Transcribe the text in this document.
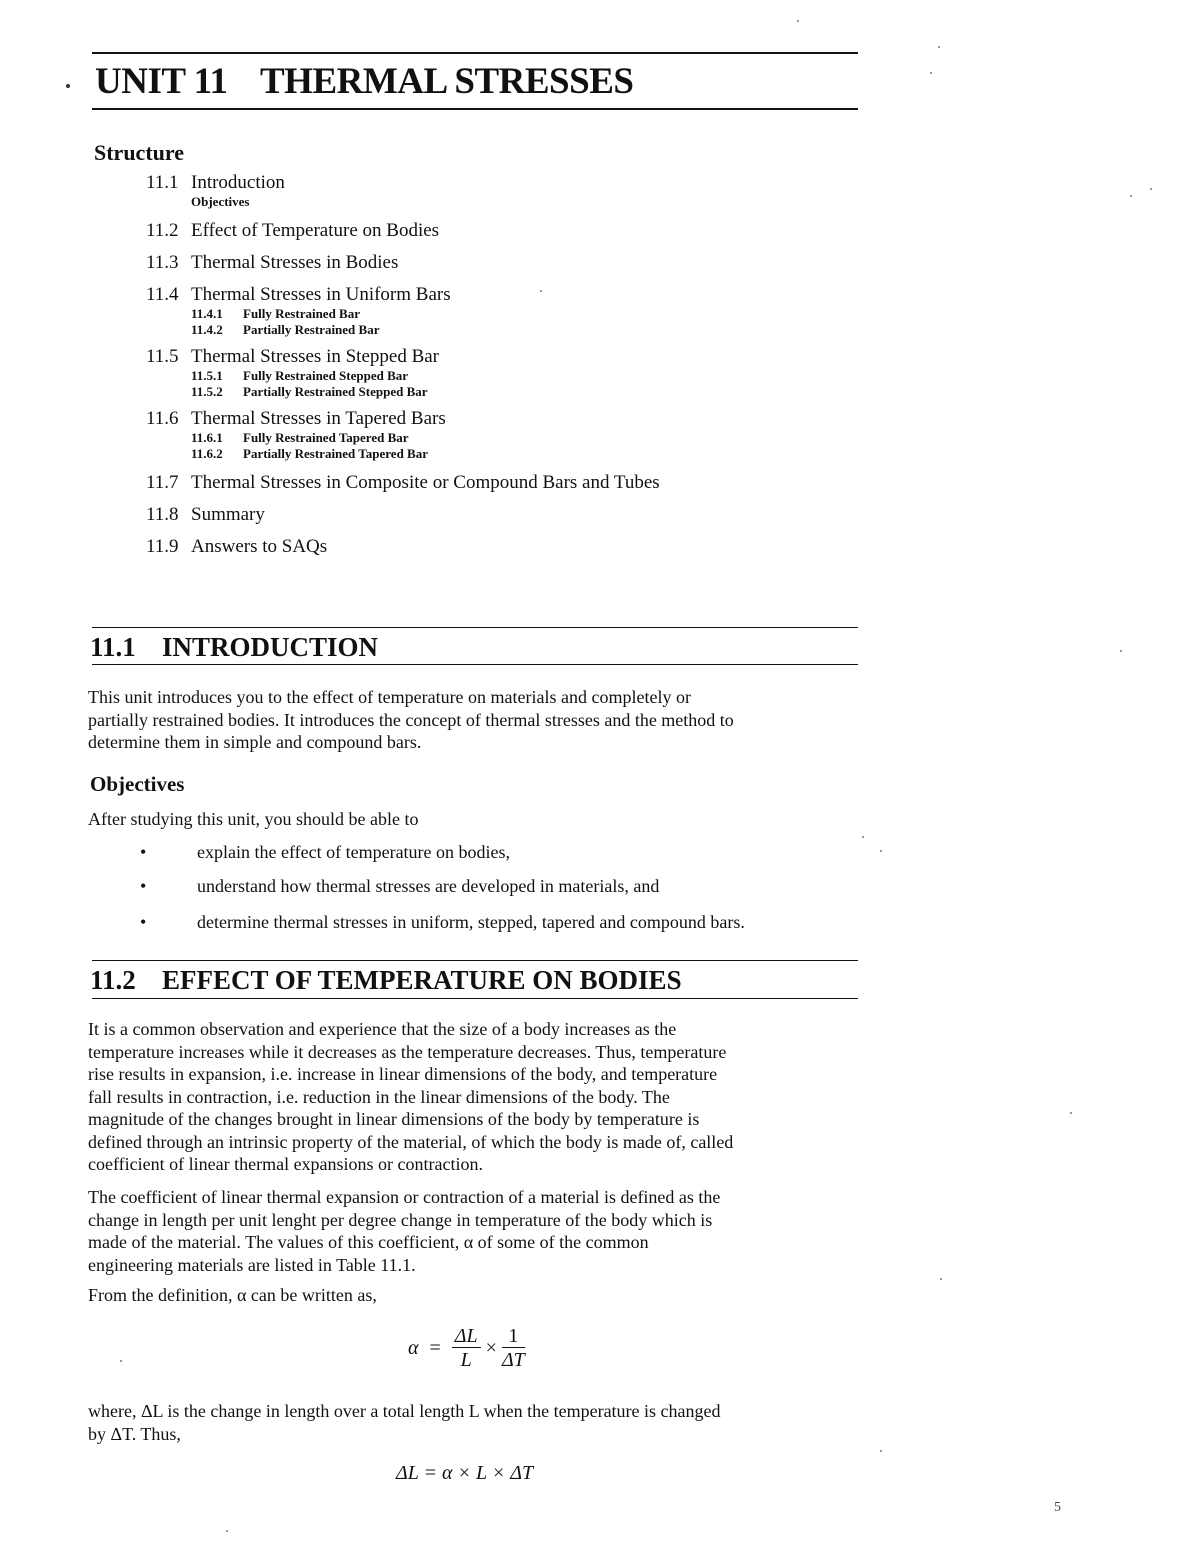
UNIT 11 THERMAL STRESSES
Structure
11.1 Introduction
Objectives
11.2 Effect of Temperature on Bodies
11.3 Thermal Stresses in Bodies
11.4 Thermal Stresses in Uniform Bars
11.4.1 Fully Restrained Bar
11.4.2 Partially Restrained Bar
11.5 Thermal Stresses in Stepped Bar
11.5.1 Fully Restrained Stepped Bar
11.5.2 Partially Restrained Stepped Bar
11.6 Thermal Stresses in Tapered Bars
11.6.1 Fully Restrained Tapered Bar
11.6.2 Partially Restrained Tapered Bar
11.7 Thermal Stresses in Composite or Compound Bars and Tubes
11.8 Summary
11.9 Answers to SAQs
11.1 INTRODUCTION
This unit introduces you to the effect of temperature on materials and completely or
partially restrained bodies. It introduces the concept of thermal stresses and the method to
determine them in simple and compound bars.
Objectives
After studying this unit, you should be able to
•	explain the effect of temperature on bodies,
•	understand how thermal stresses are developed in materials, and
•	determine thermal stresses in uniform, stepped, tapered and compound bars.
11.2 EFFECT OF TEMPERATURE ON BODIES
It is a common observation and experience that the size of a body increases as the
temperature increases while it decreases as the temperature decreases. Thus, temperature
rise results in expansion, i.e. increase in linear dimensions of the body, and temperature
fall results in contraction, i.e. reduction in the linear dimensions of the body. The
magnitude of the changes brought in linear dimensions of the body by temperature is
defined through an intrinsic property of the material, of which the body is made of, called
coefficient of linear thermal expansions or contraction.
The coefficient of linear thermal expansion or contraction of a material is defined as the
change in length per unit lenght per degree change in temperature of the body which is
made of the material. The values of this coefficient, α of some of the common
engineering materials are listed in Table 11.1.
From the definition, α can be written as,
$\alpha = \frac{\Delta L}{L} \times \frac{1}{\Delta T}$
where, ΔL is the change in length over a total length L when the temperature is changed
by ΔT. Thus,
ΔL = α × L × ΔT
5
